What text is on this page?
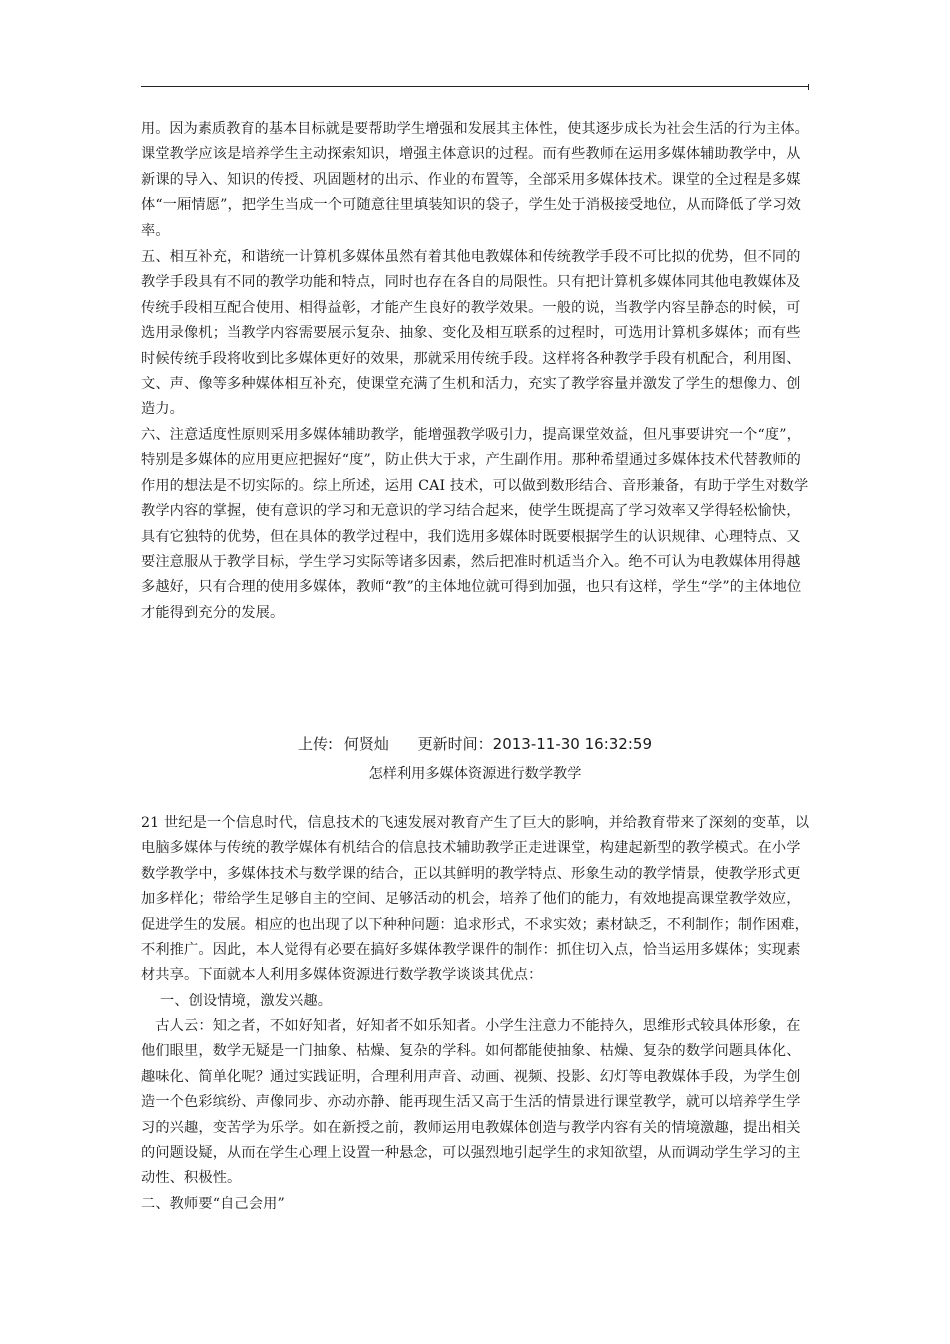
用。因为素质教育的基本目标就是要帮助学生增强和发展其主体性，使其逐步成长为社会生活的行为主体。
课堂教学应该是培养学生主动探索知识，增强主体意识的过程。而有些教师在运用多媒体辅助教学中，从
新课的导入、知识的传授、巩固题材的出示、作业的布置等，全部采用多媒体技术。课堂的全过程是多媒
体“一厢情愿”，把学生当成一个可随意往里填装知识的袋子，学生处于消极接受地位，从而降低了学习效
率。
五、相互补充，和谐统一计算机多媒体虽然有着其他电教媒体和传统教学手段不可比拟的优势，但不同的
教学手段具有不同的教学功能和特点，同时也存在各自的局限性。只有把计算机多媒体同其他电教媒体及
传统手段相互配合使用、相得益彰，才能产生良好的教学效果。一般的说，当教学内容呈静态的时候，可
选用录像机；当教学内容需要展示复杂、抽象、变化及相互联系的过程时，可选用计算机多媒体；而有些
时候传统手段将收到比多媒体更好的效果，那就采用传统手段。这样将各种教学手段有机配合，利用图、
文、声、像等多种媒体相互补充，使课堂充满了生机和活力，充实了教学容量并激发了学生的想像力、创
造力。
六、注意适度性原则采用多媒体辅助教学，能增强教学吸引力，提高课堂效益，但凡事要讲究一个“度”，
特别是多媒体的应用更应把握好“度”，防止供大于求，产生副作用。那种希望通过多媒体技术代替教师的
作用的想法是不切实际的。综上所述，运用 CAI 技术，可以做到数形结合、音形兼备，有助于学生对数学
教学内容的掌握，使有意识的学习和无意识的学习结合起来，使学生既提高了学习效率又学得轻松愉快，
具有它独特的优势，但在具体的教学过程中，我们选用多媒体时既要根据学生的认识规律、心理特点、又
要注意服从于教学目标，学生学习实际等诸多因素，然后把准时机适当介入。绝不可认为电教媒体用得越
多越好，只有合理的使用多媒体，教师“教”的主体地位就可得到加强，也只有这样，学生“学”的主体地位
才能得到充分的发展。
上传: 何贤灿 更新时间：2013-11-30 16:32:59
怎样利用多媒体资源进行数学教学
21 世纪是一个信息时代，信息技术的飞速发展对教育产生了巨大的影响，并给教育带来了深刻的变革，以
电脑多媒体与传统的教学媒体有机结合的信息技术辅助教学正走进课堂，构建起新型的教学模式。在小学
数学教学中，多媒体技术与数学课的结合，正以其鲜明的教学特点、形象生动的教学情景，使教学形式更
加多样化；带给学生足够自主的空间、足够活动的机会，培养了他们的能力，有效地提高课堂教学效应，
促进学生的发展。相应的也出现了以下种种问题：追求形式，不求实效；素材缺乏，不利制作；制作困难，
不利推广。因此，本人觉得有必要在搞好多媒体教学课件的制作：抓住切入点，恰当运用多媒体；实现素
材共享。下面就本人利用多媒体资源进行数学教学谈谈其优点：
　 一、创设情境，激发兴趣。
　古人云：知之者，不如好知者，好知者不如乐知者。小学生注意力不能持久，思维形式较具体形象，在
他们眼里，数学无疑是一门抽象、枯燥、复杂的学科。如何都能使抽象、枯燥、复杂的数学问题具体化、
趣味化、简单化呢？通过实践证明，合理利用声音、动画、视频、投影、幻灯等电教媒体手段，为学生创
造一个色彩缤纷、声像同步、亦动亦静、能再现生活又高于生活的情景进行课堂教学，就可以培养学生学
习的兴趣，变苦学为乐学。如在新授之前，教师运用电教媒体创造与教学内容有关的情境激趣，提出相关
的问题设疑，从而在学生心理上设置一种悬念，可以强烈地引起学生的求知欲望，从而调动学生学习的主
动性、积极性。
二、教师要“自己会用”
